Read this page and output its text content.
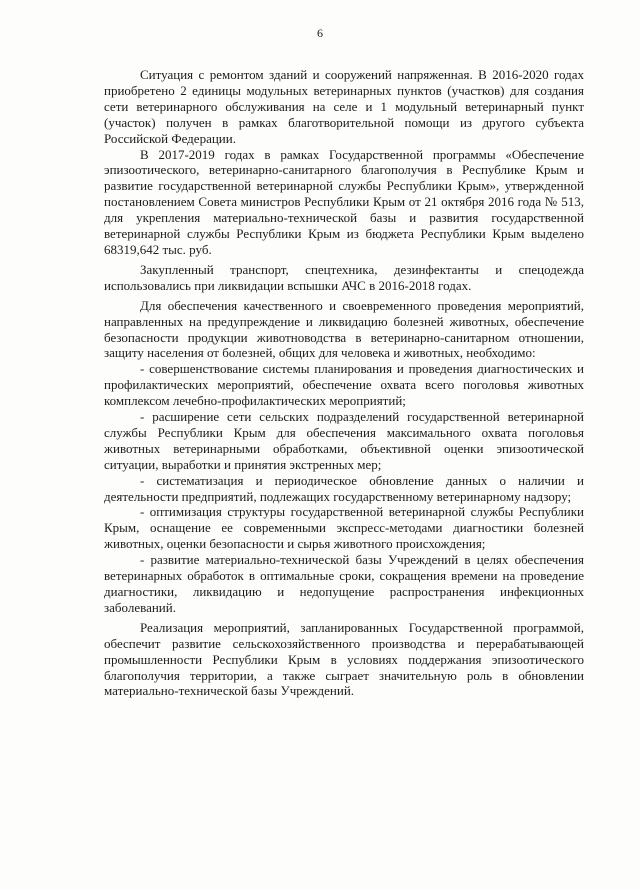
6

Ситуация с ремонтом зданий и сооружений напряженная. В 2016-2020 годах приобретено 2 единицы модульных ветеринарных пунктов (участков) для создания сети ветеринарного обслуживания на селе и 1 модульный ветеринарный пункт (участок) получен в рамках благотворительной помощи из другого субъекта Российской Федерации.

В 2017-2019 годах в рамках Государственной программы «Обеспечение эпизоотического, ветеринарно-санитарного благополучия в Республике Крым и развитие государственной ветеринарной службы Республики Крым», утвержденной постановлением Совета министров Республики Крым от 21 октября 2016 года № 513, для укрепления материально-технической базы и развития государственной ветеринарной службы Республики Крым из бюджета Республики Крым выделено 68319,642 тыс. руб.

Закупленный транспорт, спецтехника, дезинфектанты и спецодежда использовались при ликвидации вспышки АЧС в 2016-2018 годах.

Для обеспечения качественного и своевременного проведения мероприятий, направленных на предупреждение и ликвидацию болезней животных, обеспечение безопасности продукции животноводства в ветеринарно-санитарном отношении, защиту населения от болезней, общих для человека и животных, необходимо:

- совершенствование системы планирования и проведения диагностических и профилактических мероприятий, обеспечение охвата всего поголовья животных комплексом лечебно-профилактических мероприятий;

- расширение сети сельских подразделений государственной ветеринарной службы Республики Крым для обеспечения максимального охвата поголовья животных ветеринарными обработками, объективной оценки эпизоотической ситуации, выработки и принятия экстренных мер;

- систематизация и периодическое обновление данных о наличии и деятельности предприятий, подлежащих государственному ветеринарному надзору;

- оптимизация структуры государственной ветеринарной службы Республики Крым, оснащение ее современными экспресс-методами диагностики болезней животных, оценки безопасности и сырья животного происхождения;

- развитие материально-технической базы Учреждений в целях обеспечения ветеринарных обработок в оптимальные сроки, сокращения времени на проведение диагностики, ликвидацию и недопущение распространения инфекционных заболеваний.

Реализация мероприятий, запланированных Государственной программой, обеспечит развитие сельскохозяйственного производства и перерабатывающей промышленности Республики Крым в условиях поддержания эпизоотического благополучия территории, а также сыграет значительную роль в обновлении материально-технической базы Учреждений.
